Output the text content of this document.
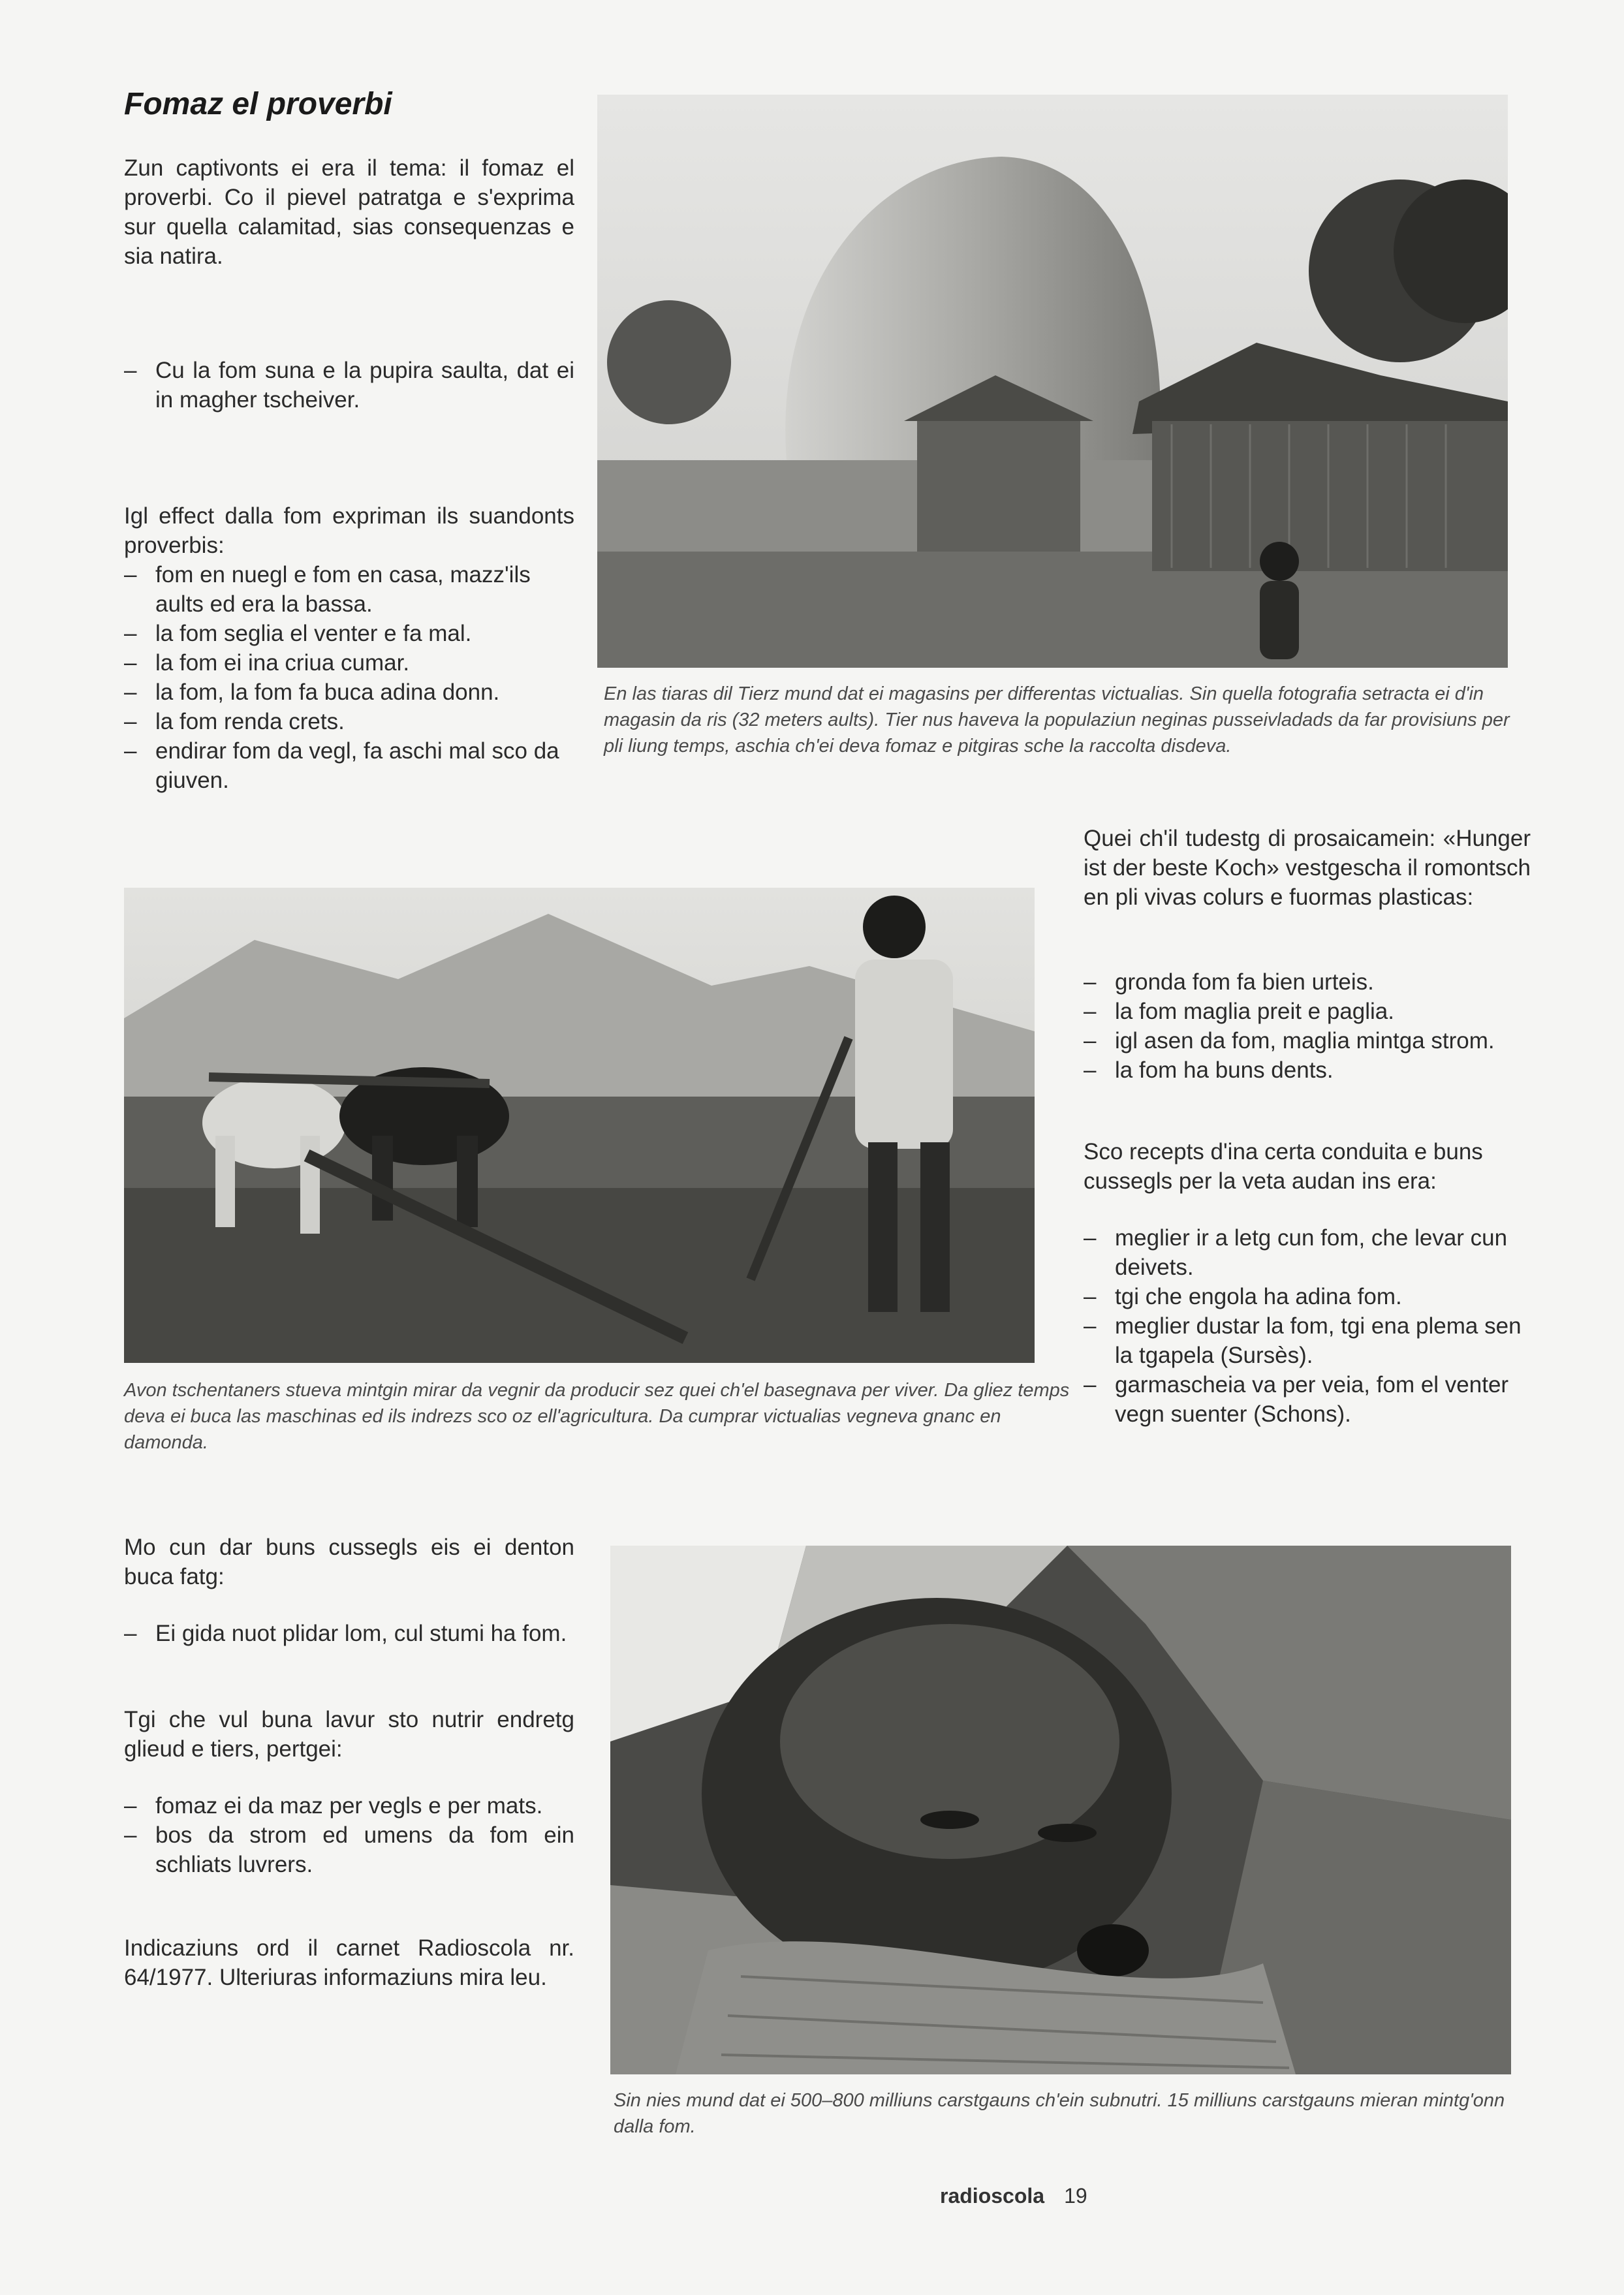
Fomaz el proverbi

Zun captivonts ei era il tema: il fomaz el proverbi. Co il pievel patratga e s'exprima sur quella calamitad, sias consequenzas e sia natira.

– Cu la fom suna e la pupira saulta, dat ei in magher tscheiver.

Igl effect dalla fom expriman ils suandonts proverbis:

– fom en nuegl e fom en casa, mazz'ils aults ed era la bassa.
– la fom seglia el venter e fa mal.
– la fom ei ina criua cumar.
– la fom, la fom fa buca adina donn.
– la fom renda crets.
– endirar fom da vegl, fa aschi mal sco da giuven.

En las tiaras dil Tierz mund dat ei magasins per differentas victualias. Sin quella fotografia setracta ei d'in magasin da ris (32 meters aults). Tier nus haveva la populaziun neginas pusseivladads da far provisiuns per pli liung temps, aschia ch'ei deva fomaz e pitgiras sche la raccolta disdeva.

Quei ch'il tudestg di prosaicamein: «Hunger ist der beste Koch» vestgescha il romontsch en pli vivas colurs e fuormas plasticas:

– gronda fom fa bien urteis.
– la fom maglia preit e paglia.
– igl asen da fom, maglia mintga strom.
– la fom ha buns dents.

Sco recepts d'ina certa conduita e buns cussegls per la veta audan ins era:

– meglier ir a letg cun fom, che levar cun deivets.
– tgi che engola ha adina fom.
– meglier dustar la fom, tgi ena plema sen la tgapela (Sursès).
– garmascheia va per veia, fom el venter vegn suenter (Schons).

Avon tschentaners stueva mintgin mirar da vegnir da producir sez quei ch'el basegnava per viver. Da gliez temps deva ei buca las maschinas ed ils indrezs sco oz ell'agricultura. Da cumprar victualias vegneva gnanc en damonda.

Mo cun dar buns cussegls eis ei denton buca fatg:

– Ei gida nuot plidar lom, cul stumi ha fom.

Tgi che vul buna lavur sto nutrir endretg glieud e tiers, pertgei:

– fomaz ei da maz per vegls e per mats.
– bos da strom ed umens da fom ein schliats luvrers.

Indicaziuns ord il carnet Radioscola nr. 64/1977. Ulteriuras informaziuns mira leu.

Sin nies mund dat ei 500–800 milliuns carstgauns ch'ein subnutri. 15 milliuns carstgauns mieran mintg'onn dalla fom.

radioscola 19
